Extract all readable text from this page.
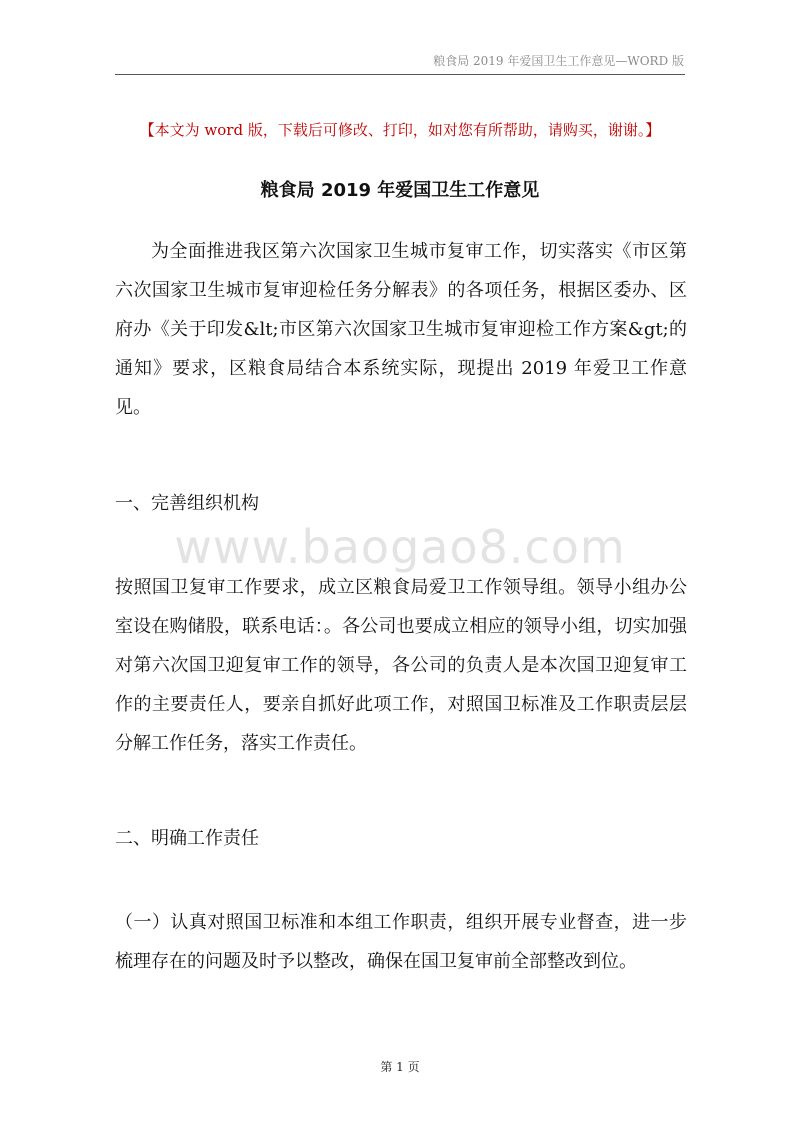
粮食局 2019 年爱国卫生工作意见—WORD 版
【本文为 word 版，下载后可修改、打印，如对您有所帮助，请购买，谢谢。】
粮食局 2019 年爱国卫生工作意见

为全面推进我区第六次国家卫生城市复审工作，切实落实《市区第六次国家卫生城市复审迎检任务分解表》的各项任务，根据区委办、区府办《关于印发&lt;市区第六次国家卫生城市复审迎检工作方案&gt;的通知》要求，区粮食局结合本系统实际，现提出 2019 年爱卫工作意见。

一、完善组织机构

www.baogao8.com

按照国卫复审工作要求，成立区粮食局爱卫工作领导组。领导小组办公室设在购储股，联系电话：。各公司也要成立相应的领导小组，切实加强对第六次国卫迎复审工作的领导，各公司的负责人是本次国卫迎复审工作的主要责任人，要亲自抓好此项工作，对照国卫标准及工作职责层层分解工作任务，落实工作责任。

二、明确工作责任

（一）认真对照国卫标准和本组工作职责，组织开展专业督查，进一步梳理存在的问题及时予以整改，确保在国卫复审前全部整改到位。

第 1 页
